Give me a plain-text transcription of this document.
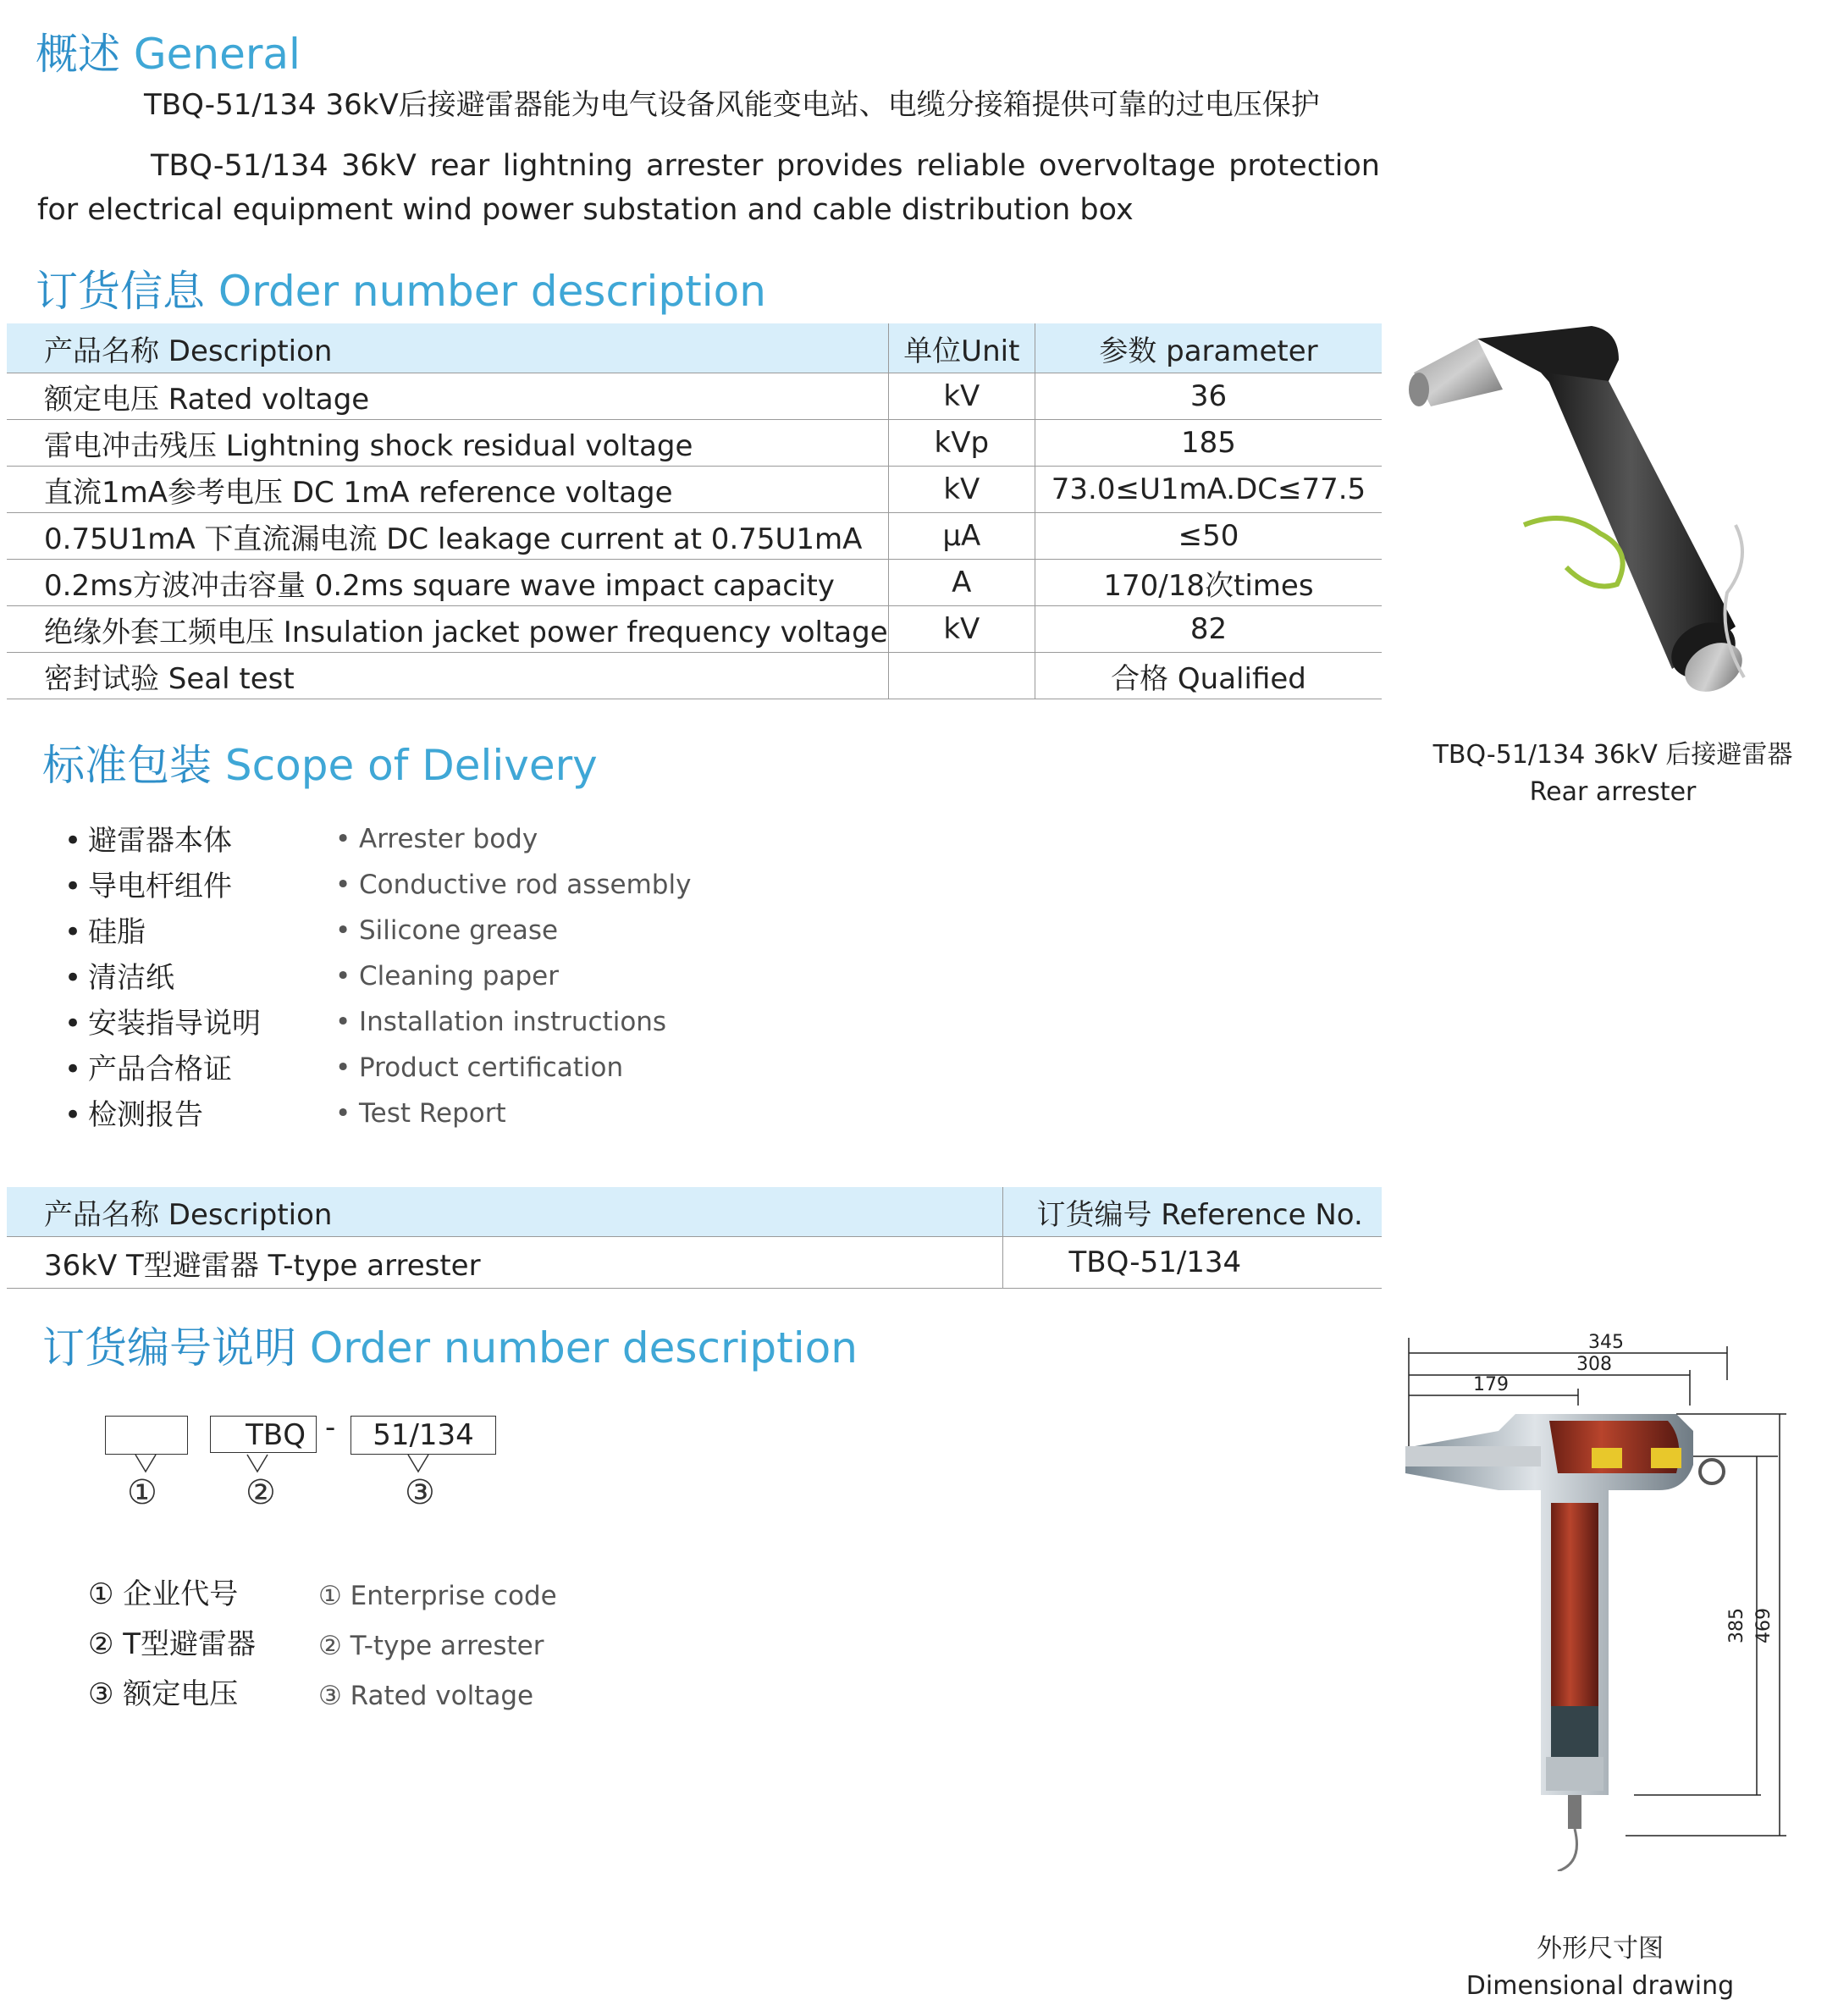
概述 General

TBQ-51/134 36kV后接避雷器能为电气设备风能变电站、电缆分接箱提供可靠的过电压保护

TBQ-51/134 36kV rear lightning arrester provides reliable overvoltage protection for electrical equipment wind power substation and cable distribution box

订货信息 Order number description
产品名称 Description	单位Unit	参数 parameter
额定电压 Rated voltage	kV	36
雷电冲击残压 Lightning shock residual voltage	kVp	185
直流1mA参考电压 DC 1mA reference voltage	kV	73.0≤U1mA.DC≤77.5
0.75U1mA 下直流漏电流 DC leakage current at 0.75U1mA	μA	≤50
0.2ms方波冲击容量 0.2ms square wave impact capacity	A	170/18次times
绝缘外套工频电压 Insulation jacket power frequency voltage	kV	82
密封试验 Seal test		合格 Qualified
TBQ-51/134 36kV 后接避雷器
Rear arrester
标准包装 Scope of Delivery
• 避雷器本体
• 导电杆组件
• 硅脂
• 清洁纸
• 安装指导说明
• 产品合格证
• 检测报告
• Arrester body
• Conductive rod assembly
• Silicone grease
• Cleaning paper
• Installation instructions
• Product certification
• Test Report
产品名称 Description	订货编号 Reference No.
36kV T型避雷器 T-type arrester	TBQ-51/134
订货编号说明 Order number description
TBQ -	51/134
①	②	③
① 企业代号
② T型避雷器
③ 额定电压
① Enterprise code
② T-type arrester
③ Rated voltage
345
308
179
385 469
外形尺寸图
Dimensional drawing
